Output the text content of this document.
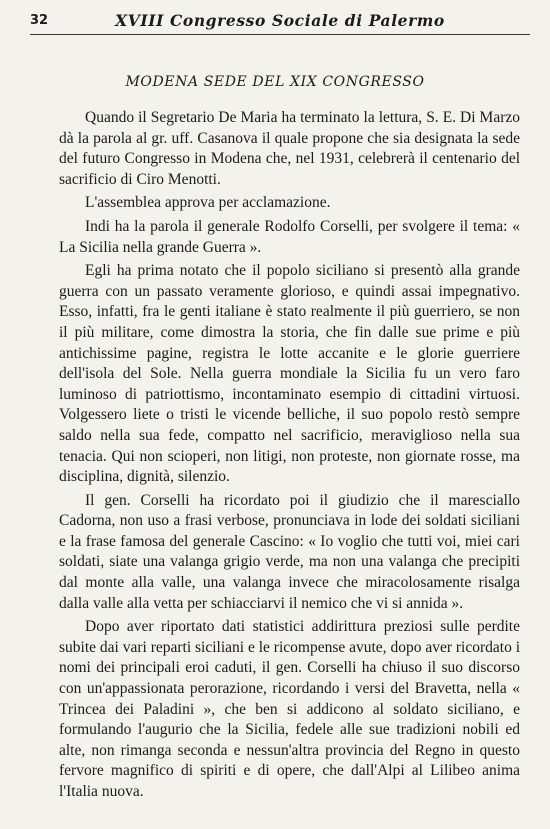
32	XVIII Congresso Sociale di Palermo
MODENA SEDE DEL XIX CONGRESSO

Quando il Segretario De Maria ha terminato la lettura, S. E. Di Marzo dà la parola al gr. uff. Casanova il quale propone che sia designata la sede del futuro Congresso in Modena che, nel 1931, celebrerà il centenario del sacrificio di Ciro Menotti.

L'assemblea approva per acclamazione.

Indi ha la parola il generale Rodolfo Corselli, per svolgere il tema: « La Sicilia nella grande Guerra ».

Egli ha prima notato che il popolo siciliano si presentò alla grande guerra con un passato veramente glorioso, e quindi assai impegnativo. Esso, infatti, fra le genti italiane è stato realmente il più guerriero, se non il più militare, come dimostra la storia, che fin dalle sue prime e più antichissime pagine, registra le lotte accanite e le glorie guerriere dell'isola del Sole. Nella guerra mondiale la Sicilia fu un vero faro luminoso di patriottismo, incontaminato esempio di cittadini virtuosi. Volgessero liete o tristi le vicende belliche, il suo popolo restò sempre saldo nella sua fede, compatto nel sacrificio, meraviglioso nella sua tenacia. Qui non scioperi, non litigi, non proteste, non giornate rosse, ma disciplina, dignità, silenzio.

Il gen. Corselli ha ricordato poi il giudizio che il maresciallo Cadorna, non uso a frasi verbose, pronunciava in lode dei soldati siciliani e la frase famosa del generale Cascino: « Io voglio che tutti voi, miei cari soldati, siate una valanga grigio verde, ma non una valanga che precipiti dal monte alla valle, una valanga invece che miracolosamente risalga dalla valle alla vetta per schiacciarvi il nemico che vi si annida ».

Dopo aver riportato dati statistici addirittura preziosi sulle perdite subite dai vari reparti siciliani e le ricompense avute, dopo aver ricordato i nomi dei principali eroi caduti, il gen. Corselli ha chiuso il suo discorso con un'appassionata perorazione, ricordando i versi del Bravetta, nella « Trincea dei Paladini », che ben si addicono al soldato siciliano, e formulando l'augurio che la Sicilia, fedele alle sue tradizioni nobili ed alte, non rimanga seconda e nessun'altra provincia del Regno in questo fervore magnifico di spiriti e di opere, che dall'Alpi al Lilibeo anima l'Italia nuova.
